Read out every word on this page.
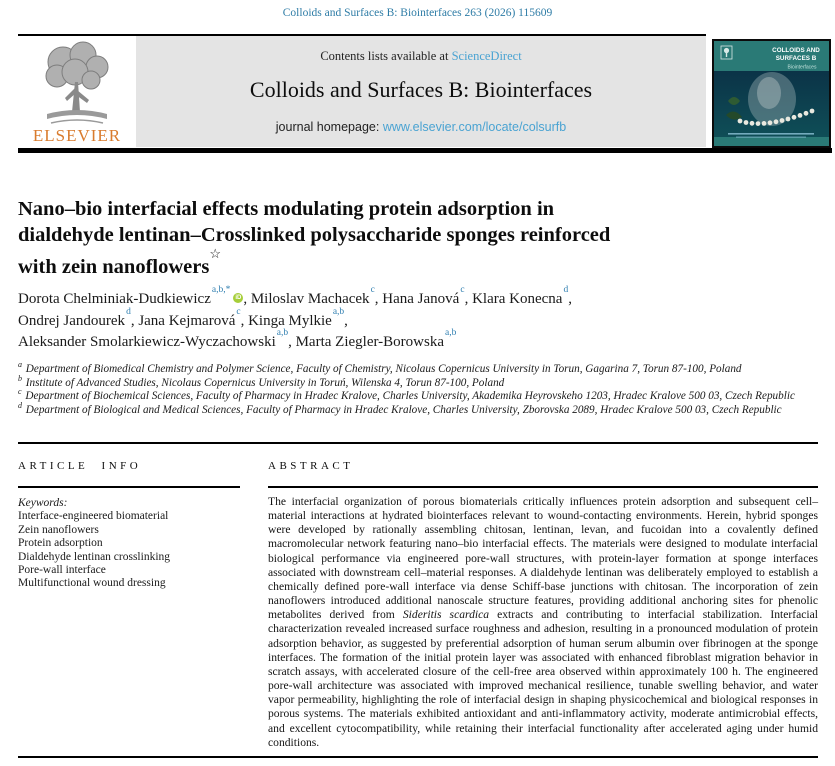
Colloids and Surfaces B: Biointerfaces 263 (2026) 115609
ELSEVIER
Contents lists available at ScienceDirect
Colloids and Surfaces B: Biointerfaces
journal homepage: www.elsevier.com/locate/colsurfb
COLLOIDS AND
SURFACES B
Biointerfaces
Nano–bio interfacial effects modulating protein adsorption in
dialdehyde lentinan–Crosslinked polysaccharide sponges reinforced
with zein nanoflowers☆
Dorota Chelminiak-Dudkiewicz$^{a,b,*}$iD , Miloslav Machacek$^c$, Hana Janová$^c$, Klara Konecna$^d$,
Ondrej Jandourek$^d$, Jana Kejmarová$^c$, Kinga Mylkie$^{a,b}$,
Aleksander Smolarkiewicz-Wyczachowski$^{a,b}$, Marta Ziegler-Borowska$^{a,b}$
$^a$ Department of Biomedical Chemistry and Polymer Science, Faculty of Chemistry, Nicolaus Copernicus University in Torun, Gagarina 7, Torun 87-100, Poland
$^b$ Institute of Advanced Studies, Nicolaus Copernicus University in Toruń, Wilenska 4, Torun 87-100, Poland
$^c$ Department of Biochemical Sciences, Faculty of Pharmacy in Hradec Kralove, Charles University, Akademika Heyrovskeho 1203, Hradec Kralove 500 03, Czech Republic
$^d$ Department of Biological and Medical Sciences, Faculty of Pharmacy in Hradec Kralove, Charles University, Zborovska 2089, Hradec Kralove 500 03, Czech Republic
ARTICLE INFO	ABSTRACT
Keywords:
Interface-engineered biomaterial
Zein nanoflowers
Protein adsorption
Dialdehyde lentinan crosslinking
Pore-wall interface
Multifunctional wound dressing
The interfacial organization of porous biomaterials critically influences protein adsorption and subsequent cell–material interactions at hydrated biointerfaces relevant to wound-contacting environments. Herein, hybrid sponges were developed by rationally assembling chitosan, lentinan, levan, and fucoidan into a covalently defined macromolecular network featuring nano–bio interfacial effects. The materials were designed to modulate interfacial biological performance via engineered pore-wall structures, with protein-layer formation at sponge interfaces associated with downstream cell–material responses. A dialdehyde lentinan was deliberately employed to establish a chemically defined pore-wall interface via dense Schiff-base junctions with chitosan. The incorporation of zein nanoflowers introduced additional nanoscale structure features, providing additional anchoring sites for phenolic metabolites derived from Sideritis scardica extracts and contributing to interfacial stabilization. Interfacial characterization revealed increased surface roughness and adhesion, resulting in a pronounced modulation of protein adsorption behavior, as suggested by preferential adsorption of human serum albumin over fibrinogen at the sponge interfaces. The formation of the initial protein layer was associated with enhanced fibroblast migration behavior in scratch assays, with accelerated closure of the cell-free area observed within approximately 100 h. The engineered pore-wall architecture was associated with improved mechanical resilience, tunable swelling behavior, and water vapor permeability, highlighting the role of interfacial design in shaping physicochemical and biological responses in porous systems. The materials exhibited antioxidant and anti-inflammatory activity, moderate antimicrobial effects, and excellent cytocompatibility, while retaining their interfacial functionality after accelerated aging under humid conditions.
